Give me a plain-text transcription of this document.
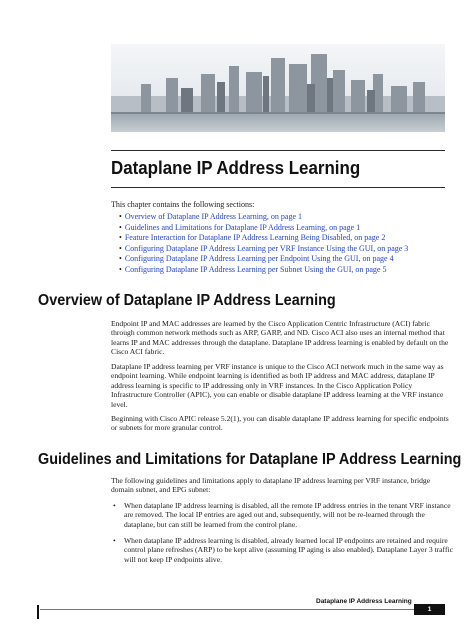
Dataplane IP Address Learning
This chapter contains the following sections:
• Overview of Dataplane IP Address Learning, on page 1
• Guidelines and Limitations for Dataplane IP Address Learning, on page 1
• Feature Interaction for Dataplane IP Address Learning Being Disabled, on page 2
• Configuring Dataplane IP Address Learning per VRF Instance Using the GUI, on page 3
• Configuring Dataplane IP Address Learning per Endpoint Using the GUI, on page 4
• Configuring Dataplane IP Address Learning per Subnet Using the GUI, on page 5
Overview of Dataplane IP Address Learning

Endpoint IP and MAC addresses are learned by the Cisco Application Centric Infrastructure (ACI) fabric through common network methods such as ARP, GARP, and ND. Cisco ACI also uses an internal method that learns IP and MAC addresses through the dataplane. Dataplane IP address learning is enabled by default on the Cisco ACI fabric.

Dataplane IP address learning per VRF instance is unique to the Cisco ACI network much in the same way as endpoint learning. While endpoint learning is identified as both IP address and MAC address, dataplane IP address learning is specific to IP addressing only in VRF instances. In the Cisco Application Policy Infrastructure Controller (APIC), you can enable or disable dataplane IP address learning at the VRF instance level.

Beginning with Cisco APIC release 5.2(1), you can disable dataplane IP address learning for specific endpoints or subnets for more granular control.

Guidelines and Limitations for Dataplane IP Address Learning

The following guidelines and limitations apply to dataplane IP address learning per VRF instance, bridge domain subnet, and EPG subnet:

• When dataplane IP address learning is disabled, all the remote IP address entries in the tenant VRF instance are removed. The local IP entries are aged out and, subsequently, will not be re-learned through the dataplane, but can still be learned from the control plane.
• When dataplane IP address learning is disabled, already learned local IP endpoints are retained and require control plane refreshes (ARP) to be kept alive (assuming IP aging is also enabled). Dataplane Layer 3 traffic will not keep IP endpoints alive.
Dataplane IP Address Learning
1
